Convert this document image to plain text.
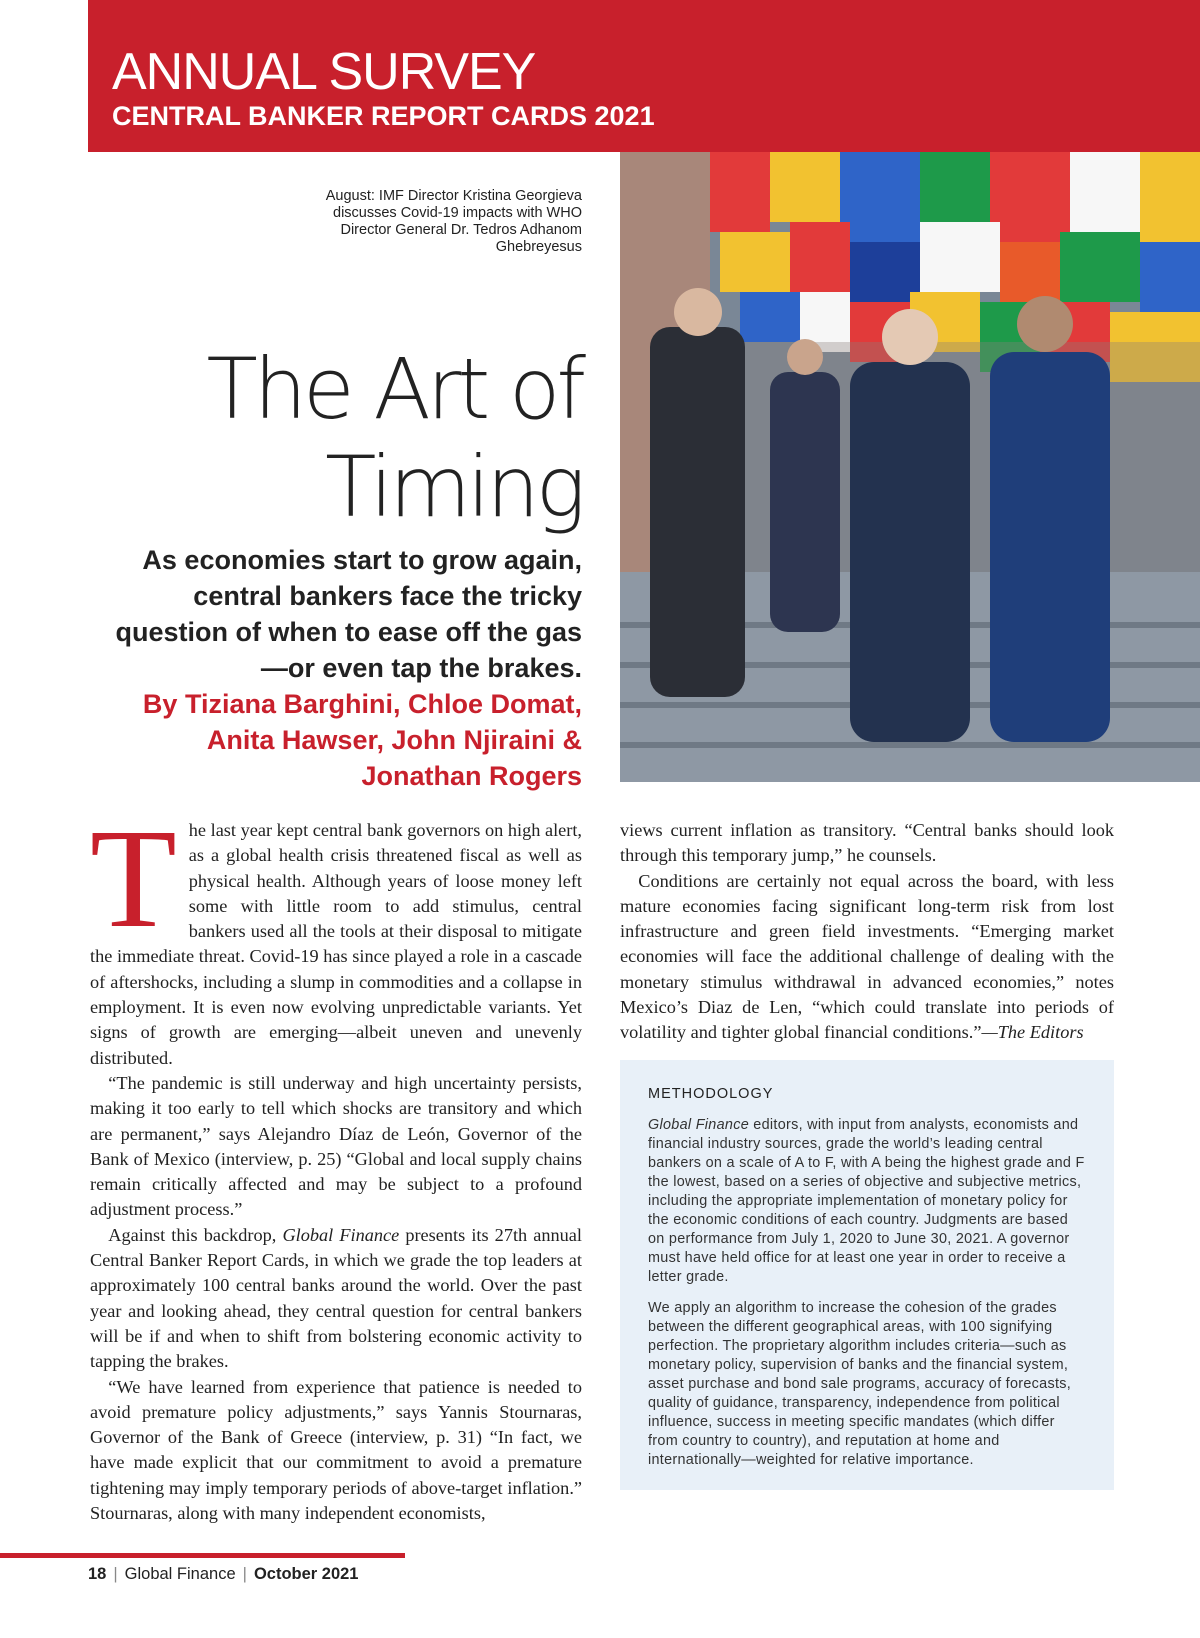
ANNUAL SURVEY
CENTRAL BANKER REPORT CARDS 2021
August: IMF Director Kristina Georgieva discusses Covid-19 impacts with WHO Director General Dr. Tedros Adhanom Ghebreyesus
The Art of
Timing
As economies start to grow again, central bankers face the tricky question of when to ease off the gas—or even tap the brakes.
By Tiziana Barghini, Chloe Domat, Anita Hawser, John Njiraini & Jonathan Rogers

The last year kept central bank governors on high alert, as a global health crisis threatened fiscal as well as physical health. Although years of loose money left some with little room to add stimulus, central bankers used all the tools at their disposal to mitigate the immediate threat. Covid-19 has since played a role in a cascade of aftershocks, including a slump in commodities and a collapse in employment. It is even now evolving unpredictable variants. Yet signs of growth are emerging—albeit uneven and unevenly distributed.

“The pandemic is still underway and high uncertainty persists, making it too early to tell which shocks are transitory and which are permanent,” says Alejandro Díaz de León, Governor of the Bank of Mexico (interview, p. 25) “Global and local supply chains remain critically affected and may be subject to a profound adjustment process.”

Against this backdrop, Global Finance presents its 27th annual Central Banker Report Cards, in which we grade the top leaders at approximately 100 central banks around the world. Over the past year and looking ahead, they central question for central bankers will be if and when to shift from bolstering economic activity to tapping the brakes.

“We have learned from experience that patience is needed to avoid premature policy adjustments,” says Yannis Stournaras, Governor of the Bank of Greece (interview, p. 31) “In fact, we have made explicit that our commitment to avoid a premature tightening may imply temporary periods of above-target inflation.” Stournaras, along with many independent economists,

views current inflation as transitory. “Central banks should look through this temporary jump,” he counsels.

Conditions are certainly not equal across the board, with less mature economies facing significant long-term risk from lost infrastructure and green field investments. “Emerging market economies will face the additional challenge of dealing with the monetary stimulus withdrawal in advanced economies,” notes Mexico’s Diaz de Len, “which could translate into periods of volatility and tighter global financial conditions.”—The Editors

METHODOLOGY

Global Finance editors, with input from analysts, economists and financial industry sources, grade the world’s leading central bankers on a scale of A to F, with A being the highest grade and F the lowest, based on a series of objective and subjective metrics, including the appropriate implementation of monetary policy for the economic conditions of each country. Judgments are based on performance from July 1, 2020 to June 30, 2021. A governor must have held office for at least one year in order to receive a letter grade.

We apply an algorithm to increase the cohesion of the grades between the different geographical areas, with 100 signifying perfection. The proprietary algorithm includes criteria—such as monetary policy, supervision of banks and the financial system, asset purchase and bond sale programs, accuracy of forecasts, quality of guidance, transparency, independence from political influence, success in meeting specific mandates (which differ from country to country), and reputation at home and internationally—weighted for relative importance.

18 | Global Finance | October 2021
